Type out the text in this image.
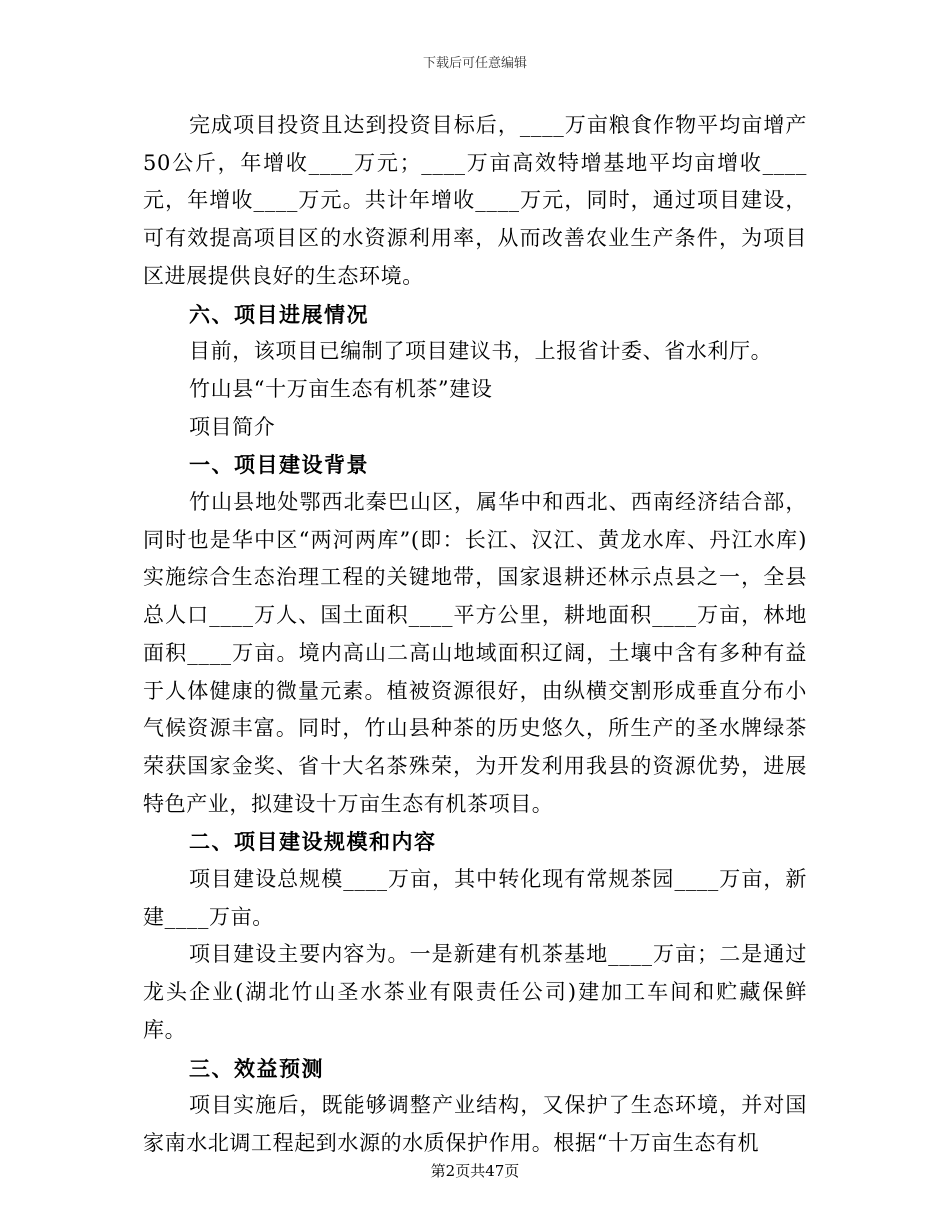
下载后可任意编辑

完成项目投资且达到投资目标后，____万亩粮食作物平均亩增产50公斤，年增收____万元；____万亩高效特增基地平均亩增收____元，年增收____万元。共计年增收____万元，同时，通过项目建设，可有效提高项目区的水资源利用率，从而改善农业生产条件，为项目区进展提供良好的生态环境。

六、项目进展情况

目前，该项目已编制了项目建议书，上报省计委、省水利厅。

竹山县“十万亩生态有机茶”建设

项目简介

一、项目建设背景

竹山县地处鄂西北秦巴山区，属华中和西北、西南经济结合部，同时也是华中区“两河两库”(即：长江、汉江、黄龙水库、丹江水库)实施综合生态治理工程的关键地带，国家退耕还林示点县之一，全县总人口____万人、国土面积____平方公里，耕地面积____万亩，林地面积____万亩。境内高山二高山地域面积辽阔，土壤中含有多种有益于人体健康的微量元素。植被资源很好，由纵横交割形成垂直分布小气候资源丰富。同时，竹山县种茶的历史悠久，所生产的圣水牌绿茶荣获国家金奖、省十大名茶殊荣，为开发利用我县的资源优势，进展特色产业，拟建设十万亩生态有机茶项目。

二、项目建设规模和内容

项目建设总规模____万亩，其中转化现有常规茶园____万亩，新建____万亩。

项目建设主要内容为。一是新建有机茶基地____万亩；二是通过龙头企业(湖北竹山圣水茶业有限责任公司)建加工车间和贮藏保鲜库。

三、效益预测

项目实施后，既能够调整产业结构，又保护了生态环境，并对国家南水北调工程起到水源的水质保护作用。根据“十万亩生态有机

第2页共47页
